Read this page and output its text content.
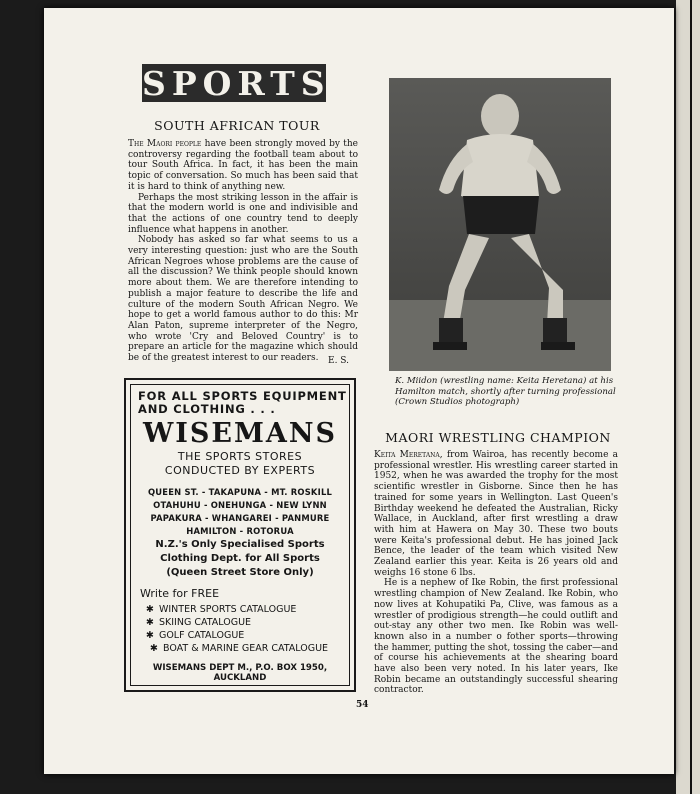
SPORTS
SOUTH AFRICAN TOUR

The Maori people have been strongly moved by the controversy regarding the football team about to tour South Africa. In fact, it has been the main topic of conversation. So much has been said that it is hard to think of anything new.

Perhaps the most striking lesson in the affair is that the modern world is one and indivisible and that the actions of one country tend to deeply influence what happens in another.

Nobody has asked so far what seems to us a very interesting question: just who are the South African Negroes whose problems are the cause of all the discussion? We think people should known more about them. We are therefore intending to publish a major feature to describe the life and culture of the modern South African Negro. We hope to get a world famous author to do this: Mr Alan Paton, supreme interpreter of the Negro, who wrote 'Cry and Beloved Country' is to prepare an article for the magazine which should be of the greatest interest to our readers.	E. S.
K. Miidon (wrestling name: Keita Heretana) at his Hamilton match, shortly after turning professional (Crown Studios photograph)
MAORI WRESTLING CHAMPION

Keita Meretana, from Wairoa, has recently become a professional wrestler. His wrestling career started in 1952, when he was awarded the trophy for the most scientific wrestler in Gisborne. Since then he has trained for some years in Wellington. Last Queen's Birthday weekend he defeated the Australian, Ricky Wallace, in Auckland, after first wrestling a draw with him at Hawera on May 30. These two bouts were Keita's professional debut. He has joined Jack Bence, the leader of the team which visited New Zealand earlier this year. Keita is 26 years old and weighs 16 stone 6 lbs.

He is a nephew of Ike Robin, the first professional wrestling champion of New Zealand. Ike Robin, who now lives at Kohupatiki Pa, Clive, was famous as a wrestler of prodigious strength—he could outlift and out-stay any other two men. Ike Robin was well-known also in a number o fother sports—throwing the hammer, putting the shot, tossing the caber—and of course his achievements at the shearing board have also been very noted. In his later years, Ike Robin became an outstandingly successful shearing contractor.

FOR ALL SPORTS EQUIPMENT AND CLOTHING . . .
WISEMANS
THE SPORTS STORES
CONDUCTED BY EXPERTS
QUEEN ST. - TAKAPUNA - MT. ROSKILL
OTAHUHU - ONEHUNGA - NEW LYNN
PAPAKURA - WHANGAREI - PANMURE
HAMILTON - ROTORUA
N.Z.'s Only Specialised Sports
Clothing Dept. for All Sports
(Queen Street Store Only)
Write for FREE
✱ WINTER SPORTS CATALOGUE
✱ SKIING CATALOGUE
✱ GOLF CATALOGUE
✱ BOAT & MARINE GEAR CATALOGUE
WISEMANS DEPT M., P.O. BOX 1950,
AUCKLAND
54
